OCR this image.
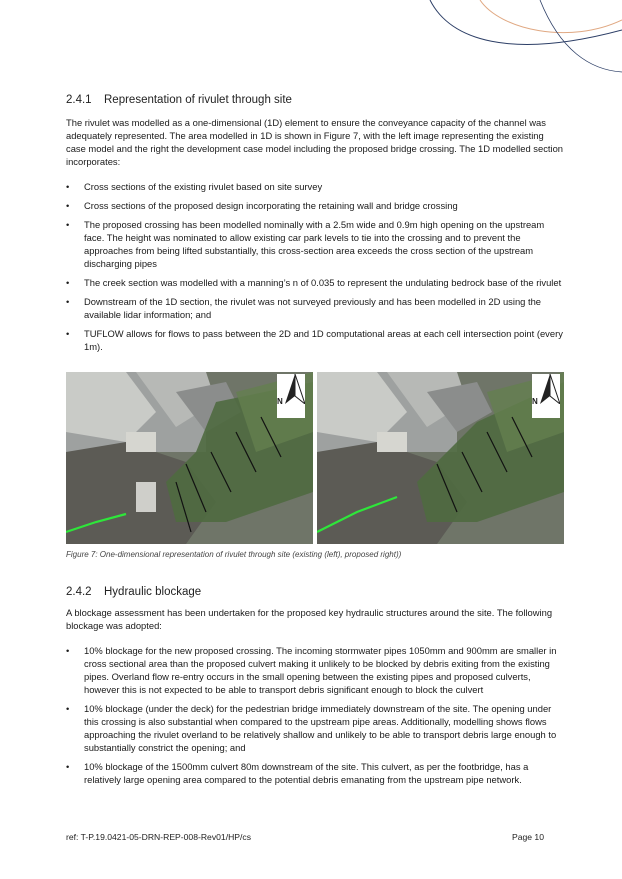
2.4.1 Representation of rivulet through site

The rivulet was modelled as a one-dimensional (1D) element to ensure the conveyance capacity of the channel was adequately represented. The area modelled in 1D is shown in Figure 7, with the left image representing the existing case model and the right the development case model including the proposed bridge crossing. The 1D modelled section incorporates:

• Cross sections of the existing rivulet based on site survey
• Cross sections of the proposed design incorporating the retaining wall and bridge crossing
• The proposed crossing has been modelled nominally with a 2.5m wide and 0.9m high opening on the upstream face. The height was nominated to allow existing car park levels to tie into the crossing and to prevent the approaches from being lifted substantially, this cross-section area exceeds the cross section of the upstream discharging pipes
• The creek section was modelled with a manning’s n of 0.035 to represent the undulating bedrock base of the rivulet
• Downstream of the 1D section, the rivulet was not surveyed previously and has been modelled in 2D using the available lidar information; and
• TUFLOW allows for flows to pass between the 2D and 1D computational areas at each cell intersection point (every 1m).
N	N
Figure 7: One-dimensional representation of rivulet through site (existing (left), proposed right))
2.4.2 Hydraulic blockage

A blockage assessment has been undertaken for the proposed key hydraulic structures around the site. The following blockage was adopted:

• 10% blockage for the new proposed crossing. The incoming stormwater pipes 1050mm and 900mm are smaller in cross sectional area than the proposed culvert making it unlikely to be blocked by debris exiting from the existing pipes. Overland flow re-entry occurs in the small opening between the existing pipes and proposed culverts, however this is not expected to be able to transport debris significant enough to block the culvert
• 10% blockage (under the deck) for the pedestrian bridge immediately downstream of the site. The opening under this crossing is also substantial when compared to the upstream pipe areas. Additionally, modelling shows flows approaching the rivulet overland to be relatively shallow and unlikely to be able to transport debris large enough to substantially constrict the opening; and
• 10% blockage of the 1500mm culvert 80m downstream of the site. This culvert, as per the footbridge, has a relatively large opening area compared to the potential debris emanating from the upstream pipe network.
ref: T-P.19.0421-05-DRN-REP-008-Rev01/HP/cs	Page 10
